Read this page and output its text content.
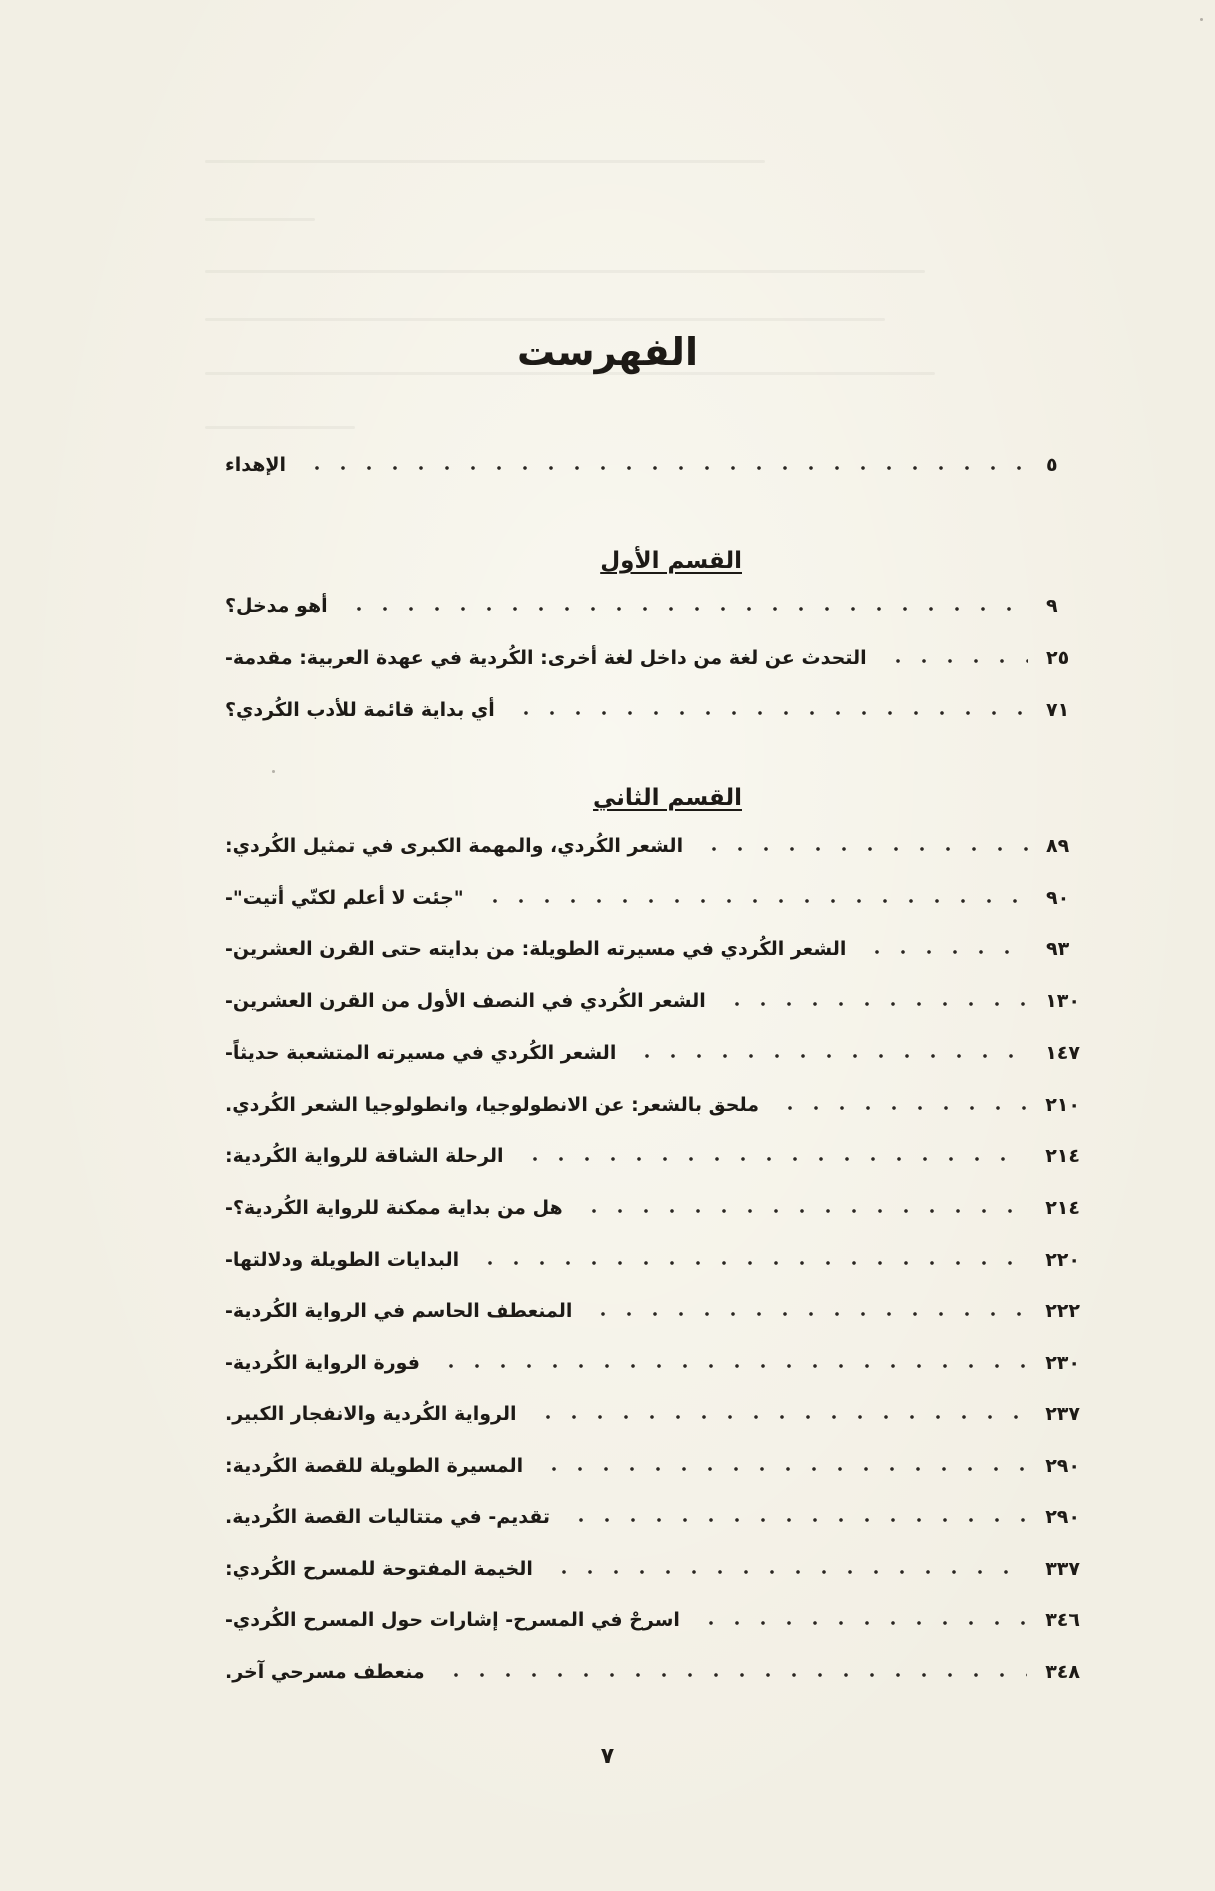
الفهرست
الإهداء	٥
القسم الأول
أهو مدخل؟	٩
التحدث عن لغة من داخل لغة أخرى: الكُردية في عهدة العربية: مقدمة-	٢٥
أي بداية قائمة للأدب الكُردي؟	٧١
القسم الثاني
الشعر الكُردي، والمهمة الكبرى في تمثيل الكُردي:	٨٩
"جئت لا أعلم لكنّي أتيت"-	٩٠
الشعر الكُردي في مسيرته الطويلة: من بدايته حتى القرن العشرين-	٩٣
الشعر الكُردي في النصف الأول من القرن العشرين-	١٣٠
الشعر الكُردي في مسيرته المتشعبة حديثاً-	١٤٧
ملحق بالشعر: عن الانطولوجيا، وانطولوجيا الشعر الكُردي.	٢١٠
الرحلة الشاقة للرواية الكُردية:	٢١٤
هل من بداية ممكنة للرواية الكُردية؟-	٢١٤
البدايات الطويلة ودلالتها-	٢٢٠
المنعطف الحاسم في الرواية الكُردية-	٢٢٢
فورة الرواية الكُردية-	٢٣٠
الرواية الكُردية والانفجار الكبير.	٢٣٧
المسيرة الطويلة للقصة الكُردية:	٢٩٠
تقديم- في متتاليات القصة الكُردية.	٢٩٠
الخيمة المفتوحة للمسرح الكُردي:	٣٣٧
اسرحْ في المسرح- إشارات حول المسرح الكُردي-	٣٤٦
منعطف مسرحي آخر.	٣٤٨
٧
